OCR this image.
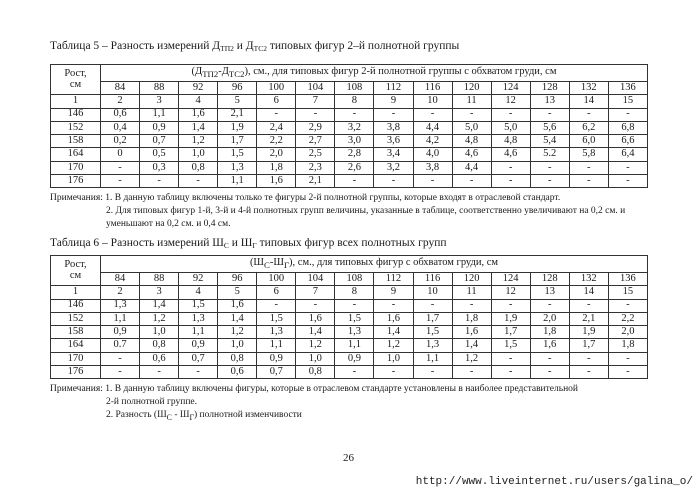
Таблица 5 – Разность измерений $Д_{ТП2}$ и $Д_{ТС2}$ типовых фигур 2–й полнотной группы
Рост,
см	$(Д_{ТП2}-Д_{ТС2})$, см., для типовых фигур 2-й полнотной группы с обхватом груди, см													
	84	88	92	96	100	104	108	112	116	120	124	128	132	136
1	2	3	4	5	6	7	8	9	10	11	12	13	14	15
146	0,6	1,1	1,6	2,1	-	-	-	-	-	-	-	-	-	-
152	0,4	0,9	1,4	1,9	2,4	2,9	3,2	3,8	4,4	5,0	5,0	5,6	6,2	6,8
158	0,2	0,7	1,2	1,7	2,2	2,7	3,0	3,6	4,2	4,8	4,8	5,4	6,0	6,6
164	0	0,5	1,0	1,5	2,0	2,5	2,8	3,4	4,0	4,6	4,6	5.2	5,8	6,4
170	-	0,3	0,8	1,3	1,8	2,3	2,6	3,2	3,8	4,4	-	-	-	-
176	-	-	-	1,1	1,6	2,1	-	-	-	-	-	-	-	-
Примечания: 1. В данную таблицу включены только те фигуры 2-й полнотной группы, которые входят в отраслевой стандарт.
2. Для типовых фигур 1-й, 3-й и 4-й полнотных групп величины, указанные в таблице, соответственно увеличивают на 0,2 см. и
уменьшают на 0,2 см. и 0,4 см.
Таблица 6 – Разность измерений $Ш_С$ и $Ш_Г$ типовых фигур всех полнотных групп
Рост,
см	$(Ш_С-Ш_Г)$, см., для типовых фигур с обхватом груди, см													
	84	88	92	96	100	104	108	112	116	120	124	128	132	136
1	2	3	4	5	6	7	8	9	10	11	12	13	14	15
146	1,3	1,4	1,5	1,6	-	-	-	-	-	-	-	-	-	-
152	1,1	1,2	1,3	1,4	1,5	1,6	1,5	1,6	1,7	1,8	1,9	2,0	2,1	2,2
158	0,9	1,0	1,1	1,2	1,3	1,4	1,3	1,4	1,5	1,6	1,7	1,8	1,9	2,0
164	0.7	0,8	0,9	1,0	1,1	1,2	1,1	1,2	1,3	1,4	1,5	1,6	1,7	1,8
170	-	0,6	0,7	0,8	0,9	1,0	0,9	1,0	1,1	1,2	-	-	-	-
176	-	-	-	0,6	0,7	0,8	-	-	-	-	-	-	-	-
Примечания: 1. В данную таблицу включены фигуры, которые в отраслевом стандарте установлены в наиболее представительной
2-й полнотной группе.
2. Разность $(Ш_С - Ш_Г)$ полнотной изменчивости
26
http://www.liveinternet.ru/users/galina_o/
